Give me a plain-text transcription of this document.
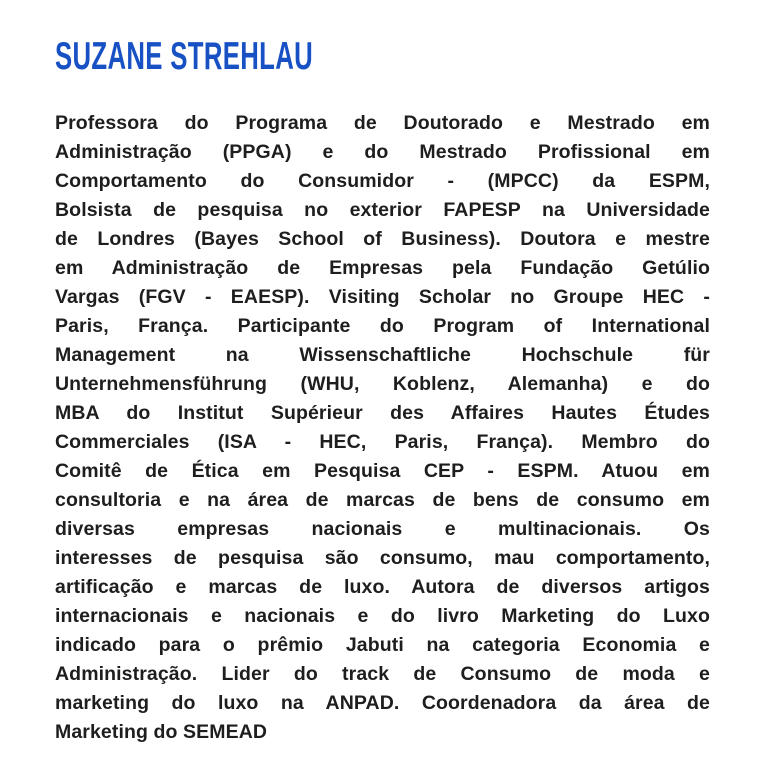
SUZANE STREHLAU
Professora do Programa de Doutorado e Mestrado em
Administração (PPGA) e do Mestrado Profissional em
Comportamento do Consumidor - (MPCC) da ESPM,
Bolsista de pesquisa no exterior FAPESP na Universidade
de Londres (Bayes School of Business). Doutora e mestre
em Administração de Empresas pela Fundação Getúlio
Vargas (FGV - EAESP). Visiting Scholar no Groupe HEC -
Paris, França. Participante do Program of International
Management na Wissenschaftliche Hochschule für
Unternehmensführung (WHU, Koblenz, Alemanha) e do
MBA do Institut Supérieur des Affaires Hautes Études
Commerciales (ISA - HEC, Paris, França). Membro do
Comitê de Ética em Pesquisa CEP - ESPM. Atuou em
consultoria e na área de marcas de bens de consumo em
diversas empresas nacionais e multinacionais. Os
interesses de pesquisa são consumo, mau comportamento,
artificação e marcas de luxo. Autora de diversos artigos
internacionais e nacionais e do livro Marketing do Luxo
indicado para o prêmio Jabuti na categoria Economia e
Administração. Lider do track de Consumo de moda e
marketing do luxo na ANPAD. Coordenadora da área de
Marketing do SEMEAD
